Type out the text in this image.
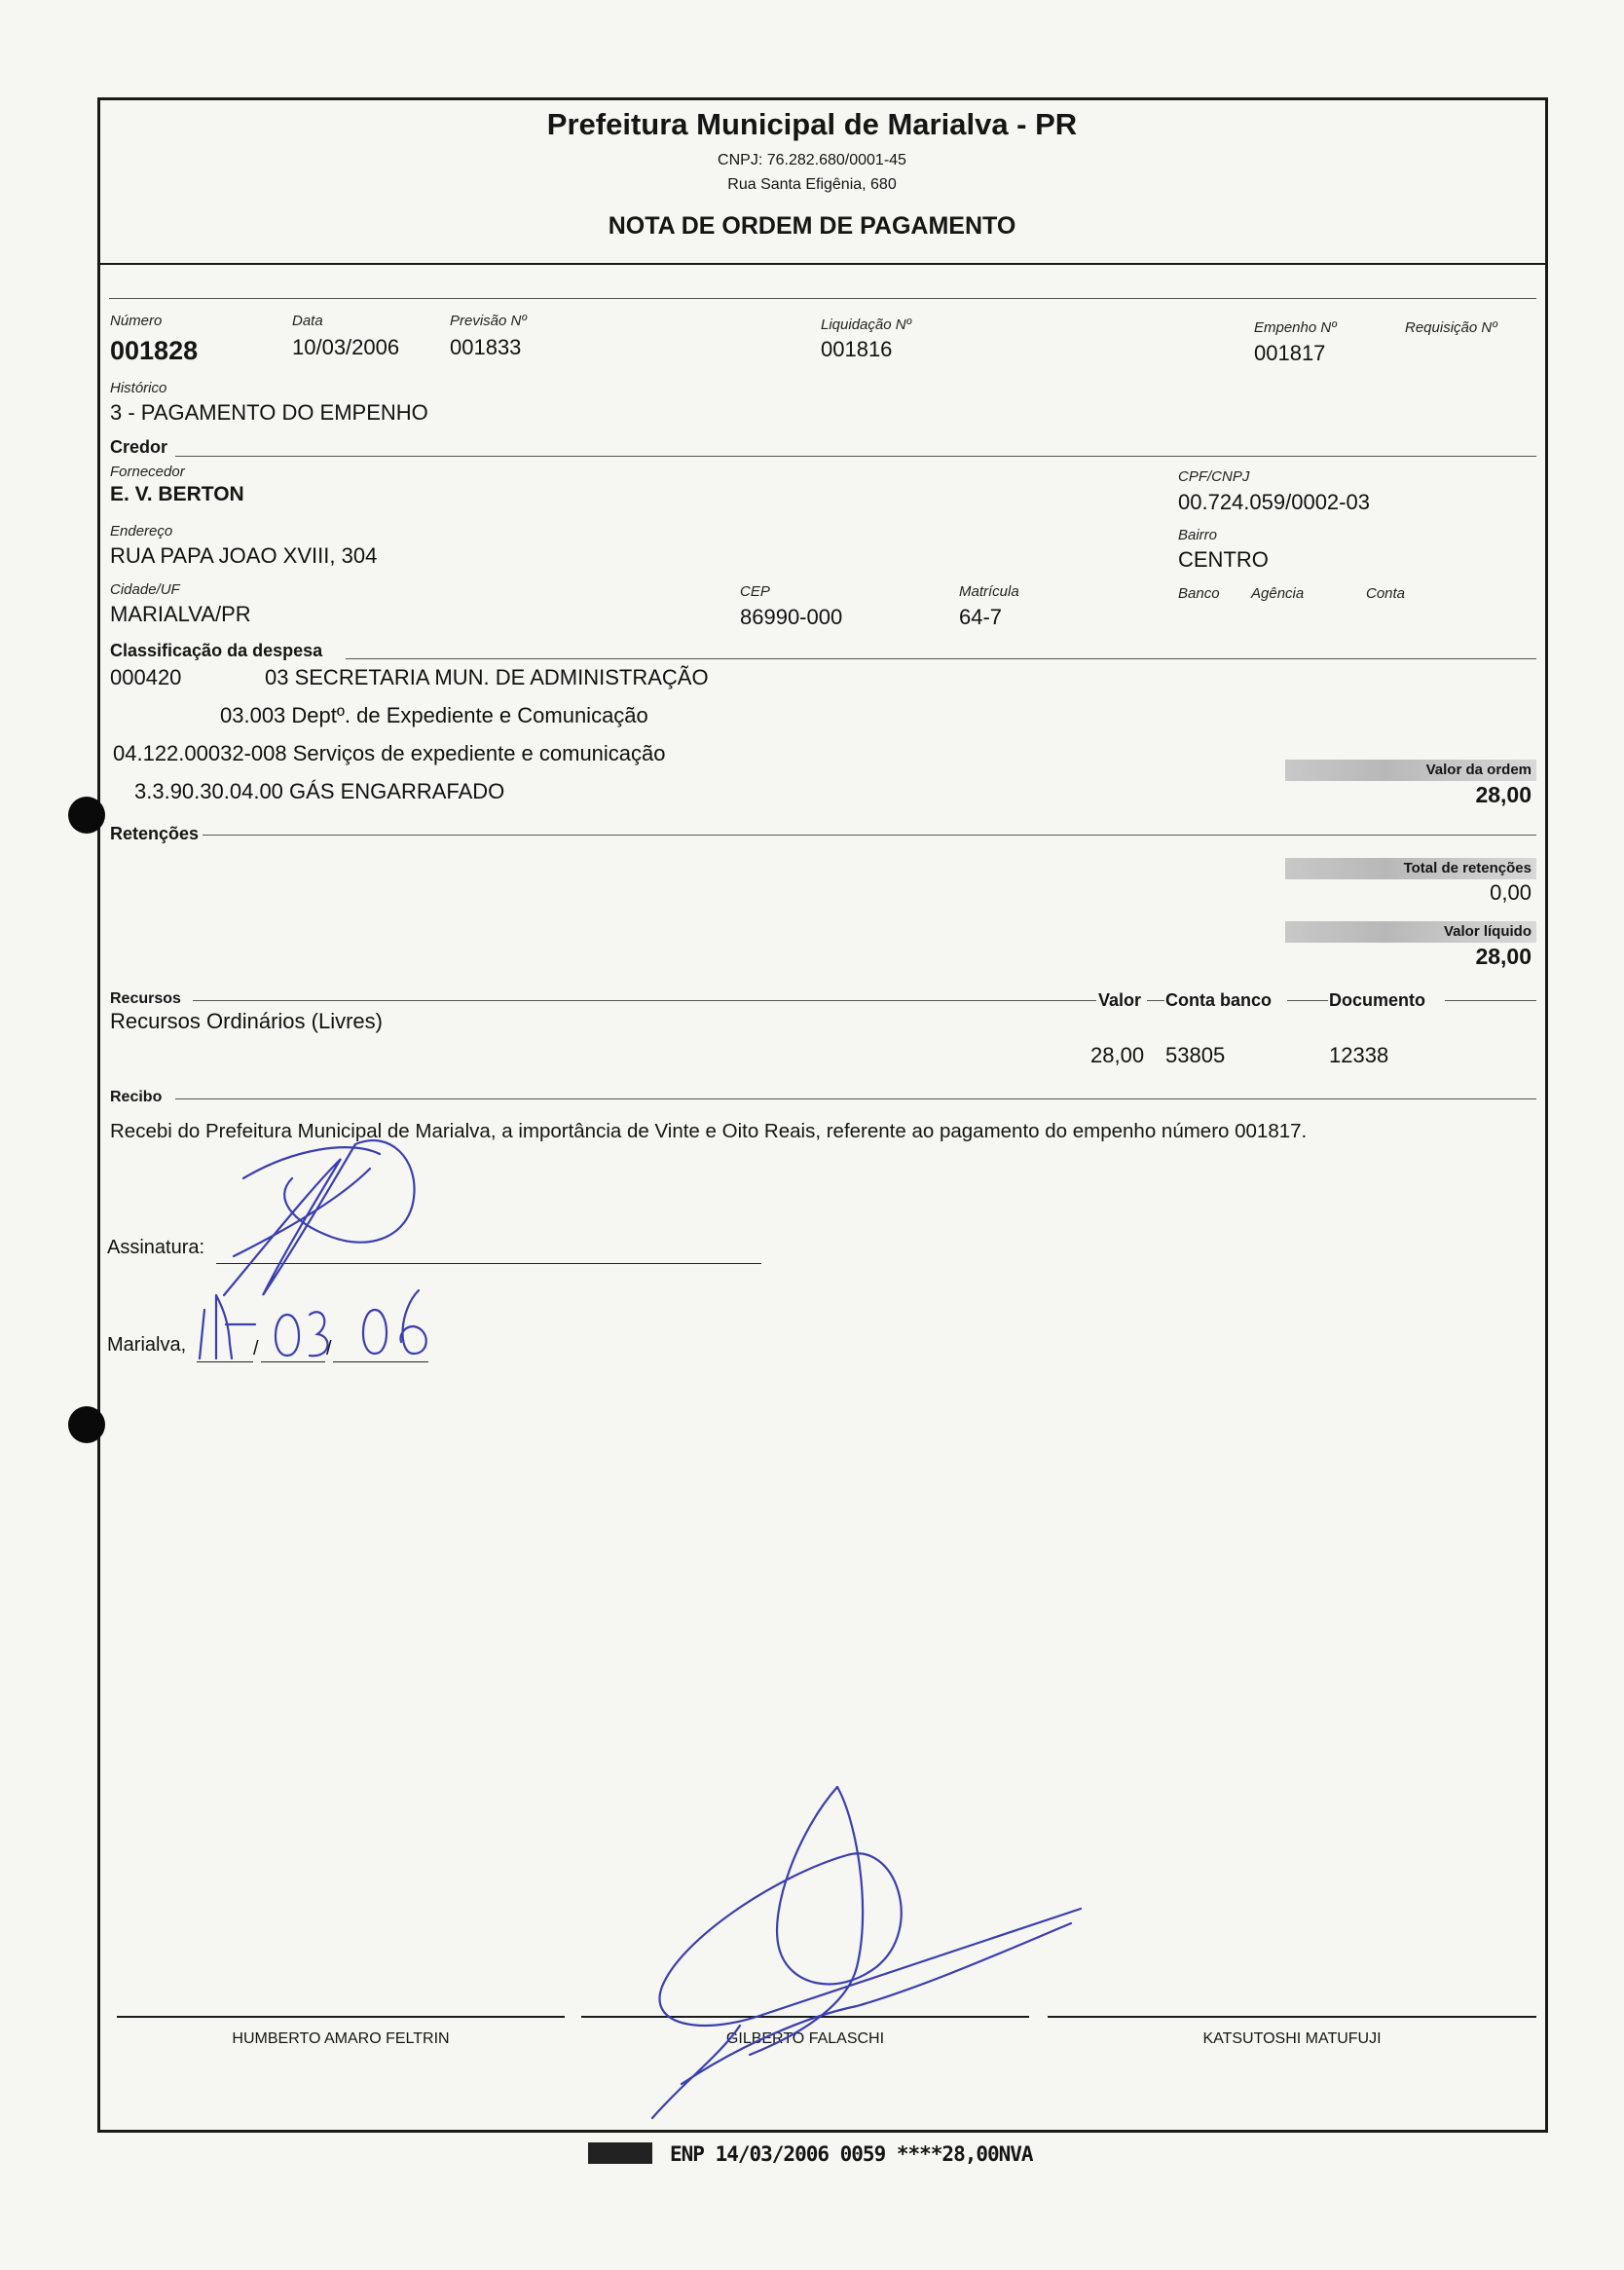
Prefeitura Municipal de Marialva - PR
CNPJ: 76.282.680/0001-45
Rua Santa Efigênia, 680
NOTA DE ORDEM DE PAGAMENTO
Número
001828
Data
10/03/2006
Previsão Nº
001833
Liquidação Nº
001816
Empenho Nº
001817
Requisição Nº
Histórico
3 - PAGAMENTO DO EMPENHO
Credor
Fornecedor
E. V. BERTON
CPF/CNPJ
00.724.059/0002-03
Endereço
RUA PAPA JOAO XVIII, 304
Bairro
CENTRO
Cidade/UF
MARIALVA/PR
CEP
86990-000
Matrícula
64-7
Banco Agência	Conta
Classificação da despesa
000420	03 SECRETARIA MUN. DE ADMINISTRAÇÃO
03.003 Deptº. de Expediente e Comunicação
04.122.00032-008 Serviços de expediente e comunicação
3.3.90.30.04.00 GÁS ENGARRAFADO
Valor da ordem
28,00
Retenções
Total de retenções
0,00
Valor líquido
28,00
Recursos	Valor Conta banco	Documento
Recursos Ordinários (Livres)
28,00 53805	12338
Recibo
Recebi do Prefeitura Municipal de Marialva, a importância de Vinte e Oito Reais, referente ao pagamento do empenho número 001817.
Assinatura:
Marialva,	/	/
HUMBERTO AMARO FELTRIN	GILBERTO FALASCHI	KATSUTOSHI MATUFUJI
ENP 14/03/2006 0059 ****28,00NVA
